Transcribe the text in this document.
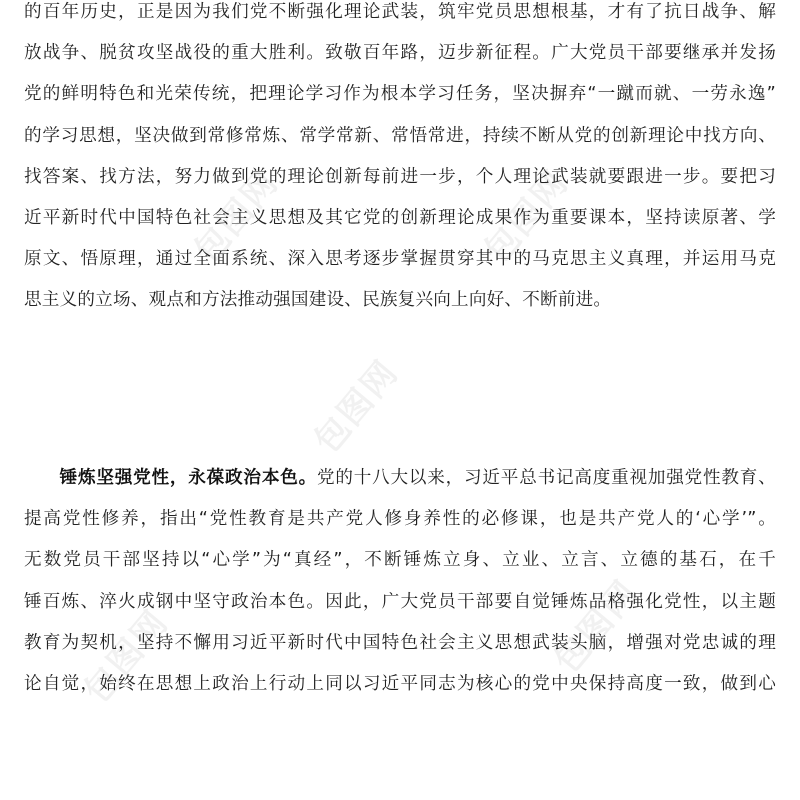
包图网	包图网
包图网
包图网
包图网
的百年历史，正是因为我们党不断强化理论武装，筑牢党员思想根基，才有了抗日战争、解
放战争、脱贫攻坚战役的重大胜利。致敬百年路，迈步新征程。广大党员干部要继承并发扬
党的鲜明特色和光荣传统，把理论学习作为根本学习任务，坚决摒弃“一蹴而就、一劳永逸”
的学习思想，坚决做到常修常炼、常学常新、常悟常进，持续不断从党的创新理论中找方向、
找答案、找方法，努力做到党的理论创新每前进一步，个人理论武装就要跟进一步。要把习
近平新时代中国特色社会主义思想及其它党的创新理论成果作为重要课本，坚持读原著、学
原文、悟原理，通过全面系统、深入思考逐步掌握贯穿其中的马克思主义真理，并运用马克
思主义的立场、观点和方法推动强国建设、民族复兴向上向好、不断前进。
锤炼坚强党性，永葆政治本色。党的十八大以来，习近平总书记高度重视加强党性教育、
提高党性修养，指出“党性教育是共产党人修身养性的必修课，也是共产党人的‘心学’”。
无数党员干部坚持以“心学”为“真经”，不断锤炼立身、立业、立言、立德的基石，在千
锤百炼、淬火成钢中坚守政治本色。因此，广大党员干部要自觉锤炼品格强化党性，以主题
教育为契机，坚持不懈用习近平新时代中国特色社会主义思想武装头脑，增强对党忠诚的理
论自觉，始终在思想上政治上行动上同以习近平同志为核心的党中央保持高度一致，做到心
